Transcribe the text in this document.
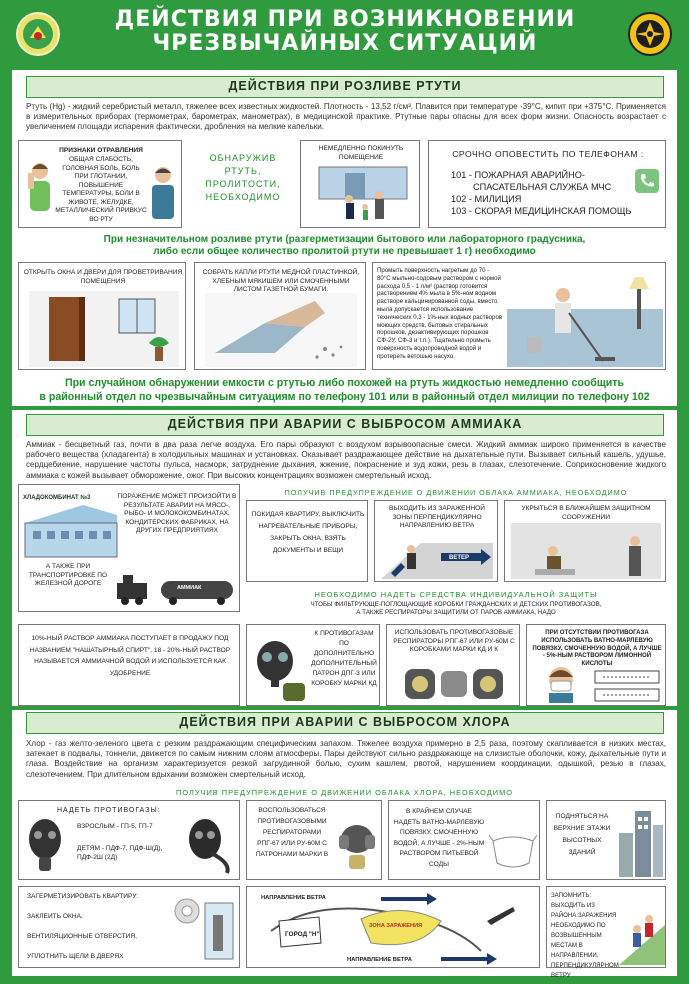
ДЕЙСТВИЯ ПРИ ВОЗНИКНОВЕНИИ
ЧРЕЗВЫЧАЙНЫХ СИТУАЦИЙ
ДЕЙСТВИЯ ПРИ РОЗЛИВЕ РТУТИ
Ртуть (Hg) - жидкий серебристый металл, тяжелее всех известных жидкостей. Плотность - 13,52 г/см³. Плавится при температуре -39°С, кипит при +375°С. Применяется в измерительных приборах (термометрах, барометрах, манометрах), в медицинской практике. Ртутные пары опасны для всех форм жизни. Опасность возрастает с увеличением площади испарения фактически, дробления на мелкие капельки.
ПРИЗНАКИ ОТРАВЛЕНИЯ
ОБЩАЯ СЛАБОСТЬ, ГОЛОВНАЯ БОЛЬ, БОЛЬ ПРИ ГЛОТАНИИ, ПОВЫШЕНИЕ ТЕМПЕРАТУРЫ, БОЛИ В ЖИВОТЕ, ЖЕЛУДКЕ, МЕТАЛЛИЧЕСКИЙ ПРИВКУС ВО РТУ
ОБНАРУЖИВ РТУТЬ, ПРОЛИТОСТИ, НЕОБХОДИМО
НЕМЕДЛЕННО ПОКИНУТЬ ПОМЕЩЕНИЕ	СРОЧНО ОПОВЕСТИТЬ ПО ТЕЛЕФОНАМ :
101 - ПОЖАРНАЯ АВАРИЙНО-
СПАСАТЕЛЬНАЯ СЛУЖБА МЧС
102 - МИЛИЦИЯ
103 - СКОРАЯ МЕДИЦИНСКАЯ ПОМОЩЬ
При незначительном розливе ртути (разгерметизации бытового или лабораторного градусника,
либо если общее количество пролитой ртути не превышает 1 г) необходимо
ОТКРЫТЬ ОКНА И ДВЕРИ ДЛЯ ПРОВЕТРИВАНИЯ ПОМЕЩЕНИЯ
СОБРАТЬ КАПЛИ РТУТИ МЕДНОЙ ПЛАСТИНКОЙ, ХЛЕБНЫМ МЯКИШЕМ ИЛИ СМОЧЕННЫМИ ЛИСТОМ ГАЗЕТНОЙ БУМАГИ.
Промыть поверхность нагретым до 70 - 80°С мыльно-содовым раствором с нормой расхода 0,5 - 1 л/м² (раствор готовится растворением 4% мыла в 5%-ном водном растворе кальцинированной соды, вместо мыла допускается использование технических 0,3 - 1%-ных водных растворов моющих средств, бытовых стиральных порошков, дезактивирующих порошков СФ-2У, СФ-3 и т.п.). Тщательно промыть поверхность водопроводной водой и протереть ветошью насухо.
При случайном обнаружении емкости с ртутью либо похожей на ртуть жидкостью немедленно сообщить
в районный отдел по чрезвычайным ситуациям по телефону 101 или в районный отдел милиции по телефону 102
ДЕЙСТВИЯ ПРИ АВАРИИ С ВЫБРОСОМ АММИАКА
Аммиак - бесцветный газ, почти в два раза легче воздуха. Его пары образуют с воздухом взрывоопасные смеси. Жидкий аммиак широко применяется в качестве рабочего вещества (хладагента) в холодильных машинах и установках. Оказывает раздражающее действие на дыхательные пути. Вызывает сильный кашель, удушье, сердцебиение, нарушение частоты пульса, насморк, затруднение дыхания, жжение, покраснение и зуд кожи, резь в глазах, слезотечение. Соприкосновение жидкого аммиака с кожей вызывает обморожение, ожог. При высоких концентрациях возможен смертельный исход.
ХЛАДОКОМБИНАТ №3	ПОРАЖЕНИЕ МОЖЕТ ПРОИЗОЙТИ В РЕЗУЛЬТАТЕ АВАРИИ НА МЯСО-, РЫБО- И МОЛОКОКОМБИНАТАХ, КОНДИТЕРСКИХ ФАБРИКАХ, НА ДРУГИХ ПРЕДПРИЯТИЯХ
А ТАКЖЕ ПРИ ТРАНСПОРТИРОВКЕ ПО ЖЕЛЕЗНОЙ ДОРОГЕ
АММИАК
ПОЛУЧИВ ПРЕДУПРЕЖДЕНИЕ О ДВИЖЕНИИ ОБЛАКА АММИАКА, НЕОБХОДИМО
ПОКИДАЯ КВАРТИРУ, ВЫКЛЮЧИТЬ НАГРЕВАТЕЛЬНЫЕ ПРИБОРЫ, ЗАКРЫТЬ ОКНА, ВЗЯТЬ ДОКУМЕНТЫ И ВЕЩИ
ВЫХОДИТЬ ИЗ ЗАРАЖЕННОЙ ЗОНЫ ПЕРПЕНДИКУЛЯРНО НАПРАВЛЕНИЮ ВЕТРА
ВЕТЕР
УКРЫТЬСЯ В БЛИЖАЙШЕМ ЗАЩИТНОМ СООРУЖЕНИИ
НЕОБХОДИМО НАДЕТЬ СРЕДСТВА ИНДИВИДУАЛЬНОЙ ЗАЩИТЫ
ЧТОБЫ ФИЛЬТРУЮЩЕ-ПОГЛОЩАЮЩИЕ КОРОБКИ ГРАЖДАНСКИХ И ДЕТСКИХ ПРОТИВОГАЗОВ,
А ТАКЖЕ РЕСПИРАТОРЫ ЗАЩИТИЛИ ОТ ПАРОВ АММИАКА, НАДО
10%-НЫЙ РАСТВОР АММИАКА ПОСТУПАЕТ В ПРОДАЖУ ПОД НАЗВАНИЕМ "НАШАТЫРНЫЙ СПИРТ". 18 - 20%-НЫЙ РАСТВОР НАЗЫВАЕТСЯ АММИАЧНОЙ ВОДОЙ И ИСПОЛЬЗУЕТСЯ КАК УДОБРЕНИЕ
К ПРОТИВОГАЗАМ ПО ДОПОЛНИТЕЛЬНО ДОПОЛНИТЕЛЬНЫЙ ПАТРОН ДПГ-3 ИЛИ КОРОБКУ МАРКИ КД
ИСПОЛЬЗОВАТЬ ПРОТИВОГАЗОВЫЕ РЕСПИРАТОРЫ РПГ-67 ИЛИ РУ-60М С КОРОБКАМИ МАРКИ КД И К
ПРИ ОТСУТСТВИИ ПРОТИВОГАЗА ИСПОЛЬЗОВАТЬ ВАТНО-МАРЛЕВУЮ ПОВЯЗКУ, СМОЧЕННУЮ ВОДОЙ, А ЛУЧШЕ - 5%-НЫМ РАСТВОРОМ ЛИМОННОЙ КИСЛОТЫ
ДЕЙСТВИЯ ПРИ АВАРИИ С ВЫБРОСОМ ХЛОРА
Хлор - газ желто-зеленого цвета с резким раздражающим специфическим запахом. Тяжелее воздуха примерно в 2,5 раза, поэтому скапливается в низких местах, затекает в подвалы, тоннели, движется по самым нижним слоям атмосферы. Пары действуют сильно раздражающе на слизистые оболочки, кожу, дыхательные пути и глаза. Воздействие на организм характеризуется резкой загрудинной болью, сухим кашлем, рвотой, нарушением координации, одышкой, резью в глазах, слезотечением. При длительном вдыхании возможен смертельный исход.
ПОЛУЧИВ ПРЕДУПРЕЖДЕНИЕ О ДВИЖЕНИИ ОБЛАКА ХЛОРА, НЕОБХОДИМО
НАДЕТЬ ПРОТИВОГАЗЫ:
ВЗРОСЛЫМ - ГП-5, ГП-7
ДЕТЯМ - ПДФ-7, ПДФ-Ш(Д), ПДФ-2Ш (2Д)
ВОСПОЛЬЗОВАТЬСЯ ПРОТИВОГАЗОВЫМИ РЕСПИРАТОРАМИ РПГ-67 ИЛИ РУ-60М С ПАТРОНАМИ МАРКИ В
В КРАЙНЕМ СЛУЧАЕ НАДЕТЬ ВАТНО-МАРЛЕВУЮ ПОВЯЗКУ, СМОЧЕННУЮ ВОДОЙ, А ЛУЧШЕ - 2%-НЫМ РАСТВОРОМ ПИТЬЕВОЙ СОДЫ
ПОДНЯТЬСЯ НА ВЕРХНИЕ ЭТАЖИ ВЫСОТНЫХ ЗДАНИЙ
ЗАГЕРМЕТИЗИРОВАТЬ КВАРТИРУ:
ЗАКЛЕИТЬ ОКНА,
ВЕНТИЛЯЦИОННЫЕ ОТВЕРСТИЯ,
УПЛОТНИТЬ ЩЕЛИ В ДВЕРЯХ
НАПРАВЛЕНИЕ ВЕТРА
ГОРОД "Н"
ЗОНА ЗАРАЖЕНИЯ
НАПРАВЛЕНИЕ ВЕТРА
ЗАПОМНИТЬ: ВЫХОДИТЬ ИЗ РАЙОНА ЗАРАЖЕНИЯ НЕОБХОДИМО ПО ВОЗВЫШЕННЫМ МЕСТАМ В НАПРАВЛЕНИИ, ПЕРПЕНДИКУЛЯРНОМ ВЕТРУ
